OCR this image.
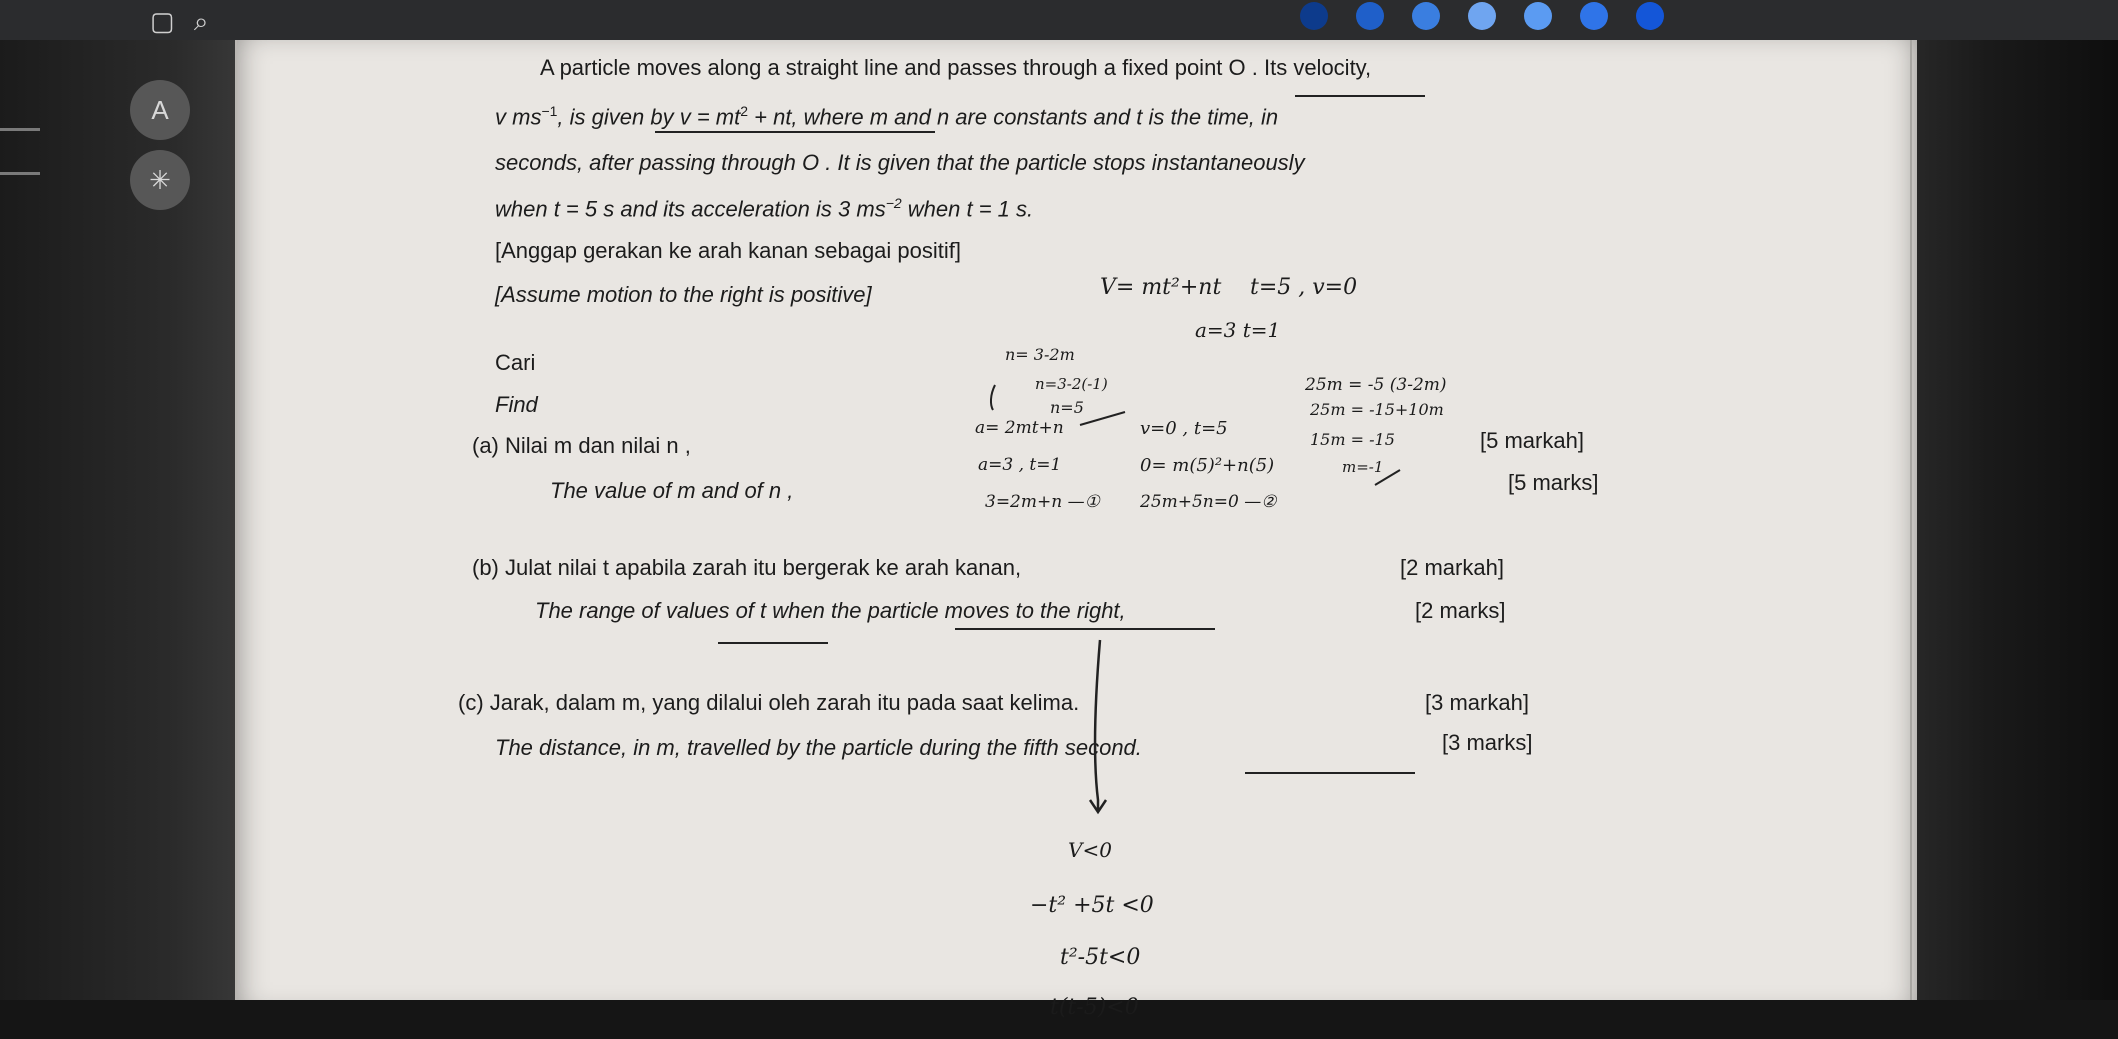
▢ ⌕
A
✳
A particle moves along a straight line and passes through a fixed point O . Its velocity,
v $ms^{-1}$, is given by $v = mt^2$ + nt, where m and n are constants and t is the time, in
seconds, after passing through O . It is given that the particle stops instantaneously
when t = 5 s and its acceleration is 3 $ms^{-2}$ when t = 1 s.
[Anggap gerakan ke arah kanan sebagai positif]
[Assume motion to the right is positive]
Cari
Find
(a) Nilai m dan nilai n ,
The value of m and of n ,
[5 markah]
[5 marks]
(b) Julat nilai t apabila zarah itu bergerak ke arah kanan,
The range of values of t when the particle moves to the right,
[2 markah]
[2 marks]
(c) Jarak, dalam m, yang dilalui oleh zarah itu pada saat kelima.
The distance, in m, travelled by the particle during the fifth second.
[3 markah]
[3 marks]
V= mt²+nt t=5 , v=0
a=3 t=1
n= 3-2m
n=3-2(-1)
n=5
25m = -5 (3-2m)
25m = -15+10m
15m = -15
m=-1
a= 2mt+n	v=0 , t=5
a=3 , t=1	0= m(5)²+n(5)
3=2m+n —① 25m+5n=0 —②
V<0
−t² +5t <0
t²-5t<0
t(t-5)<0
